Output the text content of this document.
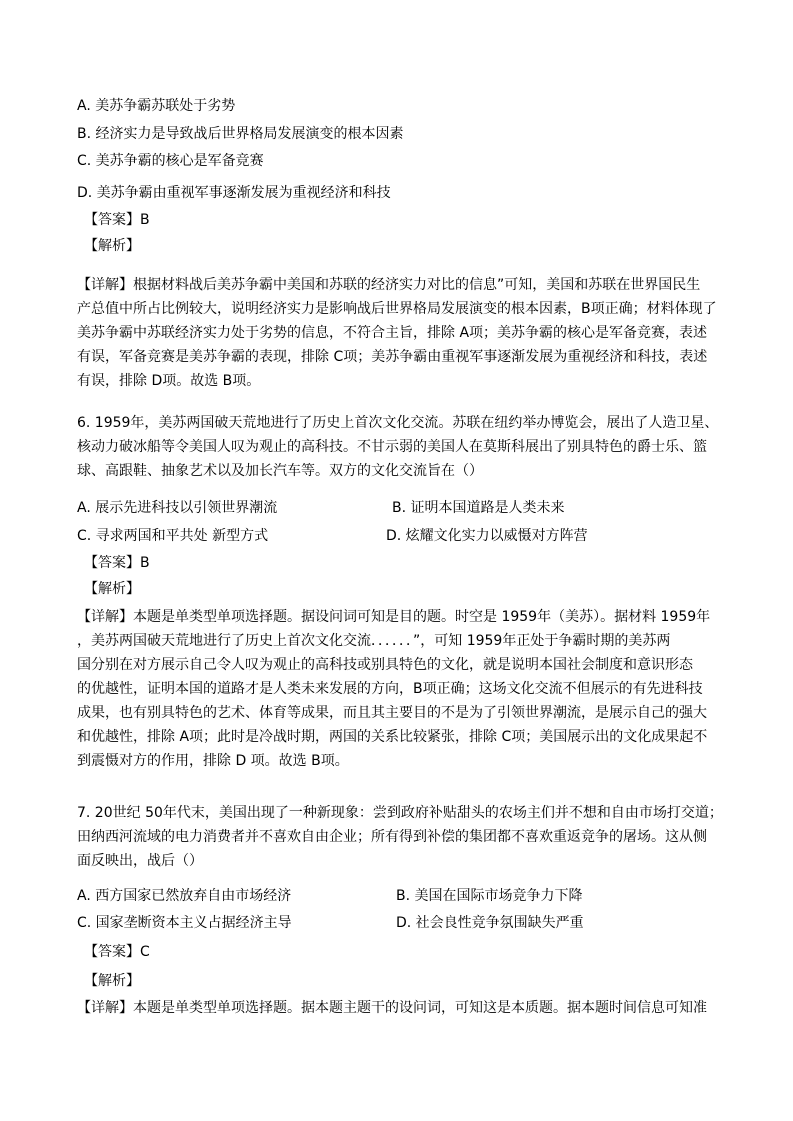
A. 美苏争霸苏联处于劣势
B. 经济实力是导致战后世界格局发展演变的根本因素
C. 美苏争霸的核心是军备竞赛
D. 美苏争霸由重视军事逐渐发展为重视经济和科技
【答案】B
【解析】
【详解】根据材料战后美苏争霸中美国和苏联的经济实力对比的信息”可知，美国和苏联在世界国民生
产总值中所占比例较大，说明经济实力是影响战后世界格局发展演变的根本因素，B项正确；材料体现了
美苏争霸中苏联经济实力处于劣势的信息，不符合主旨，排除 A项；美苏争霸的核心是军备竞赛，表述
有误，军备竞赛是美苏争霸的表现，排除 C项；美苏争霸由重视军事逐渐发展为重视经济和科技，表述
有误，排除 D项。故选 B项。
6. 1959年，美苏两国破天荒地进行了历史上首次文化交流。苏联在纽约举办博览会，展出了人造卫星、
核动力破冰船等令美国人叹为观止的高科技。不甘示弱的美国人在莫斯科展出了别具特色的爵士乐、篮
球、高跟鞋、抽象艺术以及加长汽车等。双方的文化交流旨在（）
A. 展示先进科技以引领世界潮流	B. 证明本国道路是人类未来
C. 寻求两国和平共处 新型方式	D. 炫耀文化实力以威慑对方阵营
【答案】B
【解析】
【详解】本题是单类型单项选择题。据设问词可知是目的题。时空是 1959年（美苏）。据材料 1959年
，美苏两国破天荒地进行了历史上首次文化交流．．．．．．”，可知 1959年正处于争霸时期的美苏两
国分别在对方展示自己令人叹为观止的高科技或别具特色的文化，就是说明本国社会制度和意识形态
的优越性，证明本国的道路才是人类未来发展的方向，B项正确；这场文化交流不但展示的有先进科技
成果，也有别具特色的艺术、体育等成果，而且其主要目的不是为了引领世界潮流，是展示自己的强大
和优越性，排除 A项；此时是冷战时期，两国的关系比较紧张，排除 C项；美国展示出的文化成果起不
到震慑对方的作用，排除 D 项。故选 B项。
7. 20世纪 50年代末，美国出现了一种新现象：尝到政府补贴甜头的农场主们并不想和自由市场打交道；
田纳西河流域的电力消费者并不喜欢自由企业；所有得到补偿的集团都不喜欢重返竞争的屠场。这从侧
面反映出，战后（）
A. 西方国家已然放弃自由市场经济	B. 美国在国际市场竞争力下降
C. 国家垄断资本主义占据经济主导	D. 社会良性竞争氛围缺失严重
【答案】C
【解析】
【详解】本题是单类型单项选择题。据本题主题干的设问词，可知这是本质题。据本题时间信息可知准
